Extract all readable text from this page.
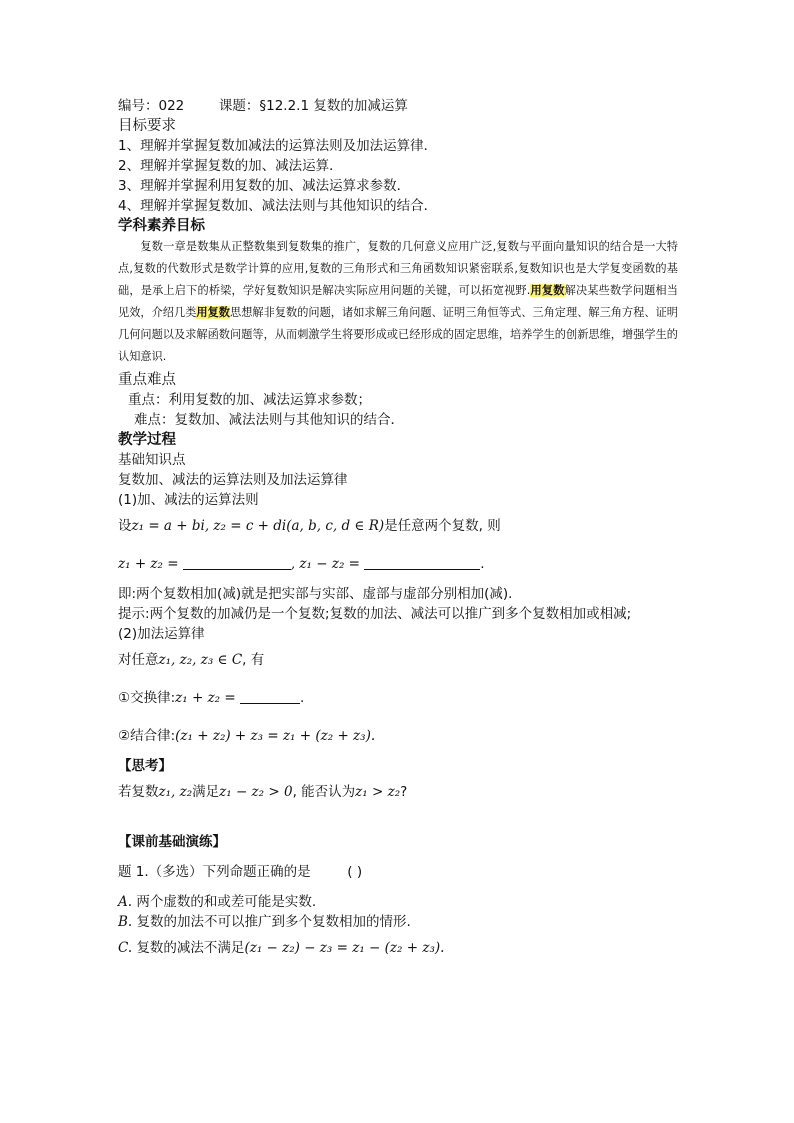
编号：022	课题：§12.2.1 复数的加减运算
目标要求
1、理解并掌握复数加减法的运算法则及加法运算律．
2、理解并掌握复数的加、减法运算．
3、理解并掌握利用复数的加、减法运算求参数．
4、理解并掌握复数加、减法法则与其他知识的结合．
学科素养目标
复数一章是数集从正整数集到复数集的推广，复数的几何意义应用广泛,复数与平面向量知识的结合是一大特点,复数的代数形式是数学计算的应用,复数的三角形式和三角函数知识紧密联系,复数知识也是大学复变函数的基础，是承上启下的桥梁，学好复数知识是解决实际应用问题的关键，可以拓宽视野.用复数解决某些数学问题相当见效，介绍几类用复数思想解非复数的问题，诸如求解三角问题、证明三角恒等式、三角定理、解三角方程、证明几何问题以及求解函数问题等，从而刺激学生将要形成或已经形成的固定思维，培养学生的创新思维，增强学生的认知意识.
重点难点
重点：利用复数的加、减法运算求参数；
难点：复数加、减法法则与其他知识的结合．
教学过程
基础知识点
复数加、减法的运算法则及加法运算律
(1)加、减法的运算法则
设z₁ = a + bi, z₂ = c + di(a, b, c, d ∈ R)是任意两个复数, 则
z₁ + z₂ =	, z₁ − z₂ =	.
即:两个复数相加(减)就是把实部与实部、虚部与虚部分别相加(减).
提示:两个复数的加减仍是一个复数;复数的加法、减法可以推广到多个复数相加或相减;
(2)加法运算律
对任意z₁, z₂, z₃ ∈ C, 有
①交换律:z₁ + z₂ =	.
②结合律:(z₁ + z₂) + z₃ = z₁ + (z₂ + z₃).
【思考】
若复数z₁, z₂满足z₁ − z₂ > 0, 能否认为z₁ > z₂?
【课前基础演练】
题 1.（多选）下列命题正确的是	( )
A. 两个虚数的和或差可能是实数.
B. 复数的加法不可以推广到多个复数相加的情形.
C. 复数的减法不满足(z₁ − z₂) − z₃ = z₁ − (z₂ + z₃).
